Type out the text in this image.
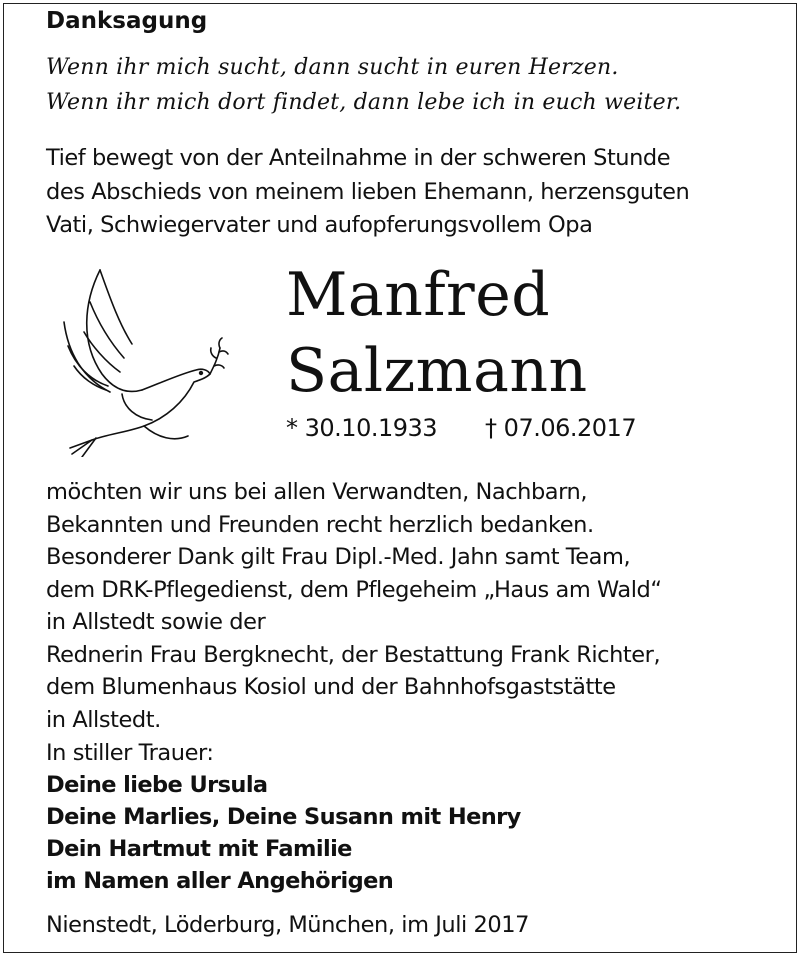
Danksagung
Wenn ihr mich sucht, dann sucht in euren Herzen.
Wenn ihr mich dort findet, dann lebe ich in euch weiter.
Tief bewegt von der Anteilnahme in der schweren Stunde
des Abschieds von meinem lieben Ehemann, herzensguten
Vati, Schwiegervater und aufopferungsvollem Opa
Manfred
Salzmann
* 30.10.1933 † 07.06.2017
möchten wir uns bei allen Verwandten, Nachbarn,
Bekannten und Freunden recht herzlich bedanken.
Besonderer Dank gilt Frau Dipl.-Med. Jahn samt Team,
dem DRK-Pflegedienst, dem Pflegeheim „Haus am Wald“
in Allstedt sowie der
Rednerin Frau Bergknecht, der Bestattung Frank Richter,
dem Blumenhaus Kosiol und der Bahnhofsgaststätte
in Allstedt.
In stiller Trauer:
Deine liebe Ursula
Deine Marlies, Deine Susann mit Henry
Dein Hartmut mit Familie
im Namen aller Angehörigen
Nienstedt, Löderburg, München, im Juli 2017
